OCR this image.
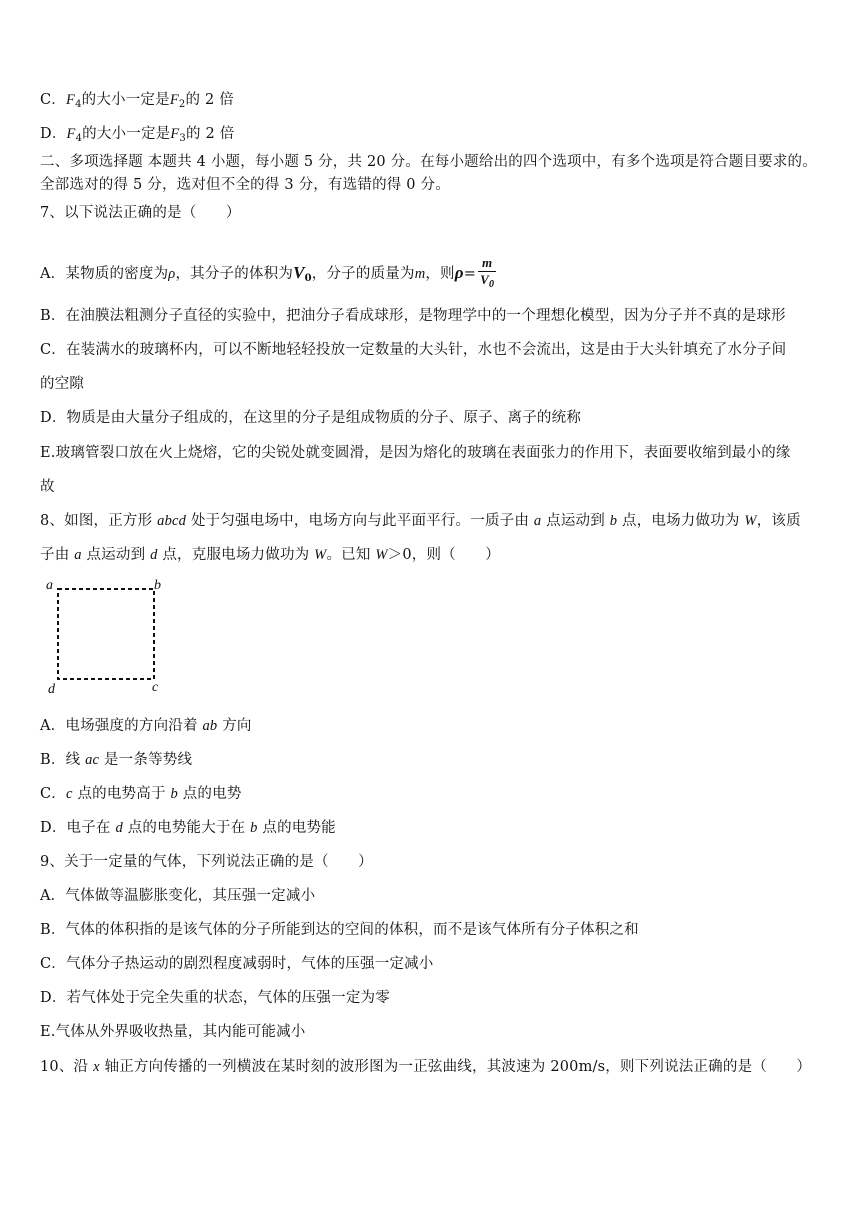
C．$F_4$的大小一定是$F_2$的 2 倍
D．$F_4$的大小一定是$F_3$的 2 倍
二、多项选择题 本题共 4 小题，每小题 5 分，共 20 分。在每小题给出的四个选项中，有多个选项是符合题目要求的。
全部选对的得 5 分，选对但不全的得 3 分，有选错的得 0 分。
7、以下说法正确的是（　　）
A．某物质的密度为ρ，其分子的体积为$V_0$，分子的质量为m，则$\rho= \frac{m}{V_0}$
B．在油膜法粗测分子直径的实验中，把油分子看成球形，是物理学中的一个理想化模型，因为分子并不真的是球形
C．在装满水的玻璃杯内，可以不断地轻轻投放一定数量的大头针，水也不会流出，这是由于大头针填充了水分子间
的空隙
D．物质是由大量分子组成的，在这里的分子是组成物质的分子、原子、离子的统称
E.玻璃管裂口放在火上烧熔，它的尖锐处就变圆滑，是因为熔化的玻璃在表面张力的作用下，表面要收缩到最小的缘
故
8、如图，正方形 abcd 处于匀强电场中，电场方向与此平面平行。一质子由 a 点运动到 b 点，电场力做功为 W，该质
子由 a 点运动到 d 点，克服电场力做功为 W。已知 W＞0，则（　　）
a	b
c
d
A．电场强度的方向沿着 ab 方向
B．线 ac 是一条等势线
C．c 点的电势高于 b 点的电势
D．电子在 d 点的电势能大于在 b 点的电势能
9、关于一定量的气体，下列说法正确的是（　　）
A．气体做等温膨胀变化，其压强一定减小
B．气体的体积指的是该气体的分子所能到达的空间的体积，而不是该气体所有分子体积之和
C．气体分子热运动的剧烈程度减弱时，气体的压强一定减小
D．若气体处于完全失重的状态，气体的压强一定为零
E.气体从外界吸收热量，其内能可能减小
10、沿 x 轴正方向传播的一列横波在某时刻的波形图为一正弦曲线，其波速为 200m/s，则下列说法正确的是（　　）
